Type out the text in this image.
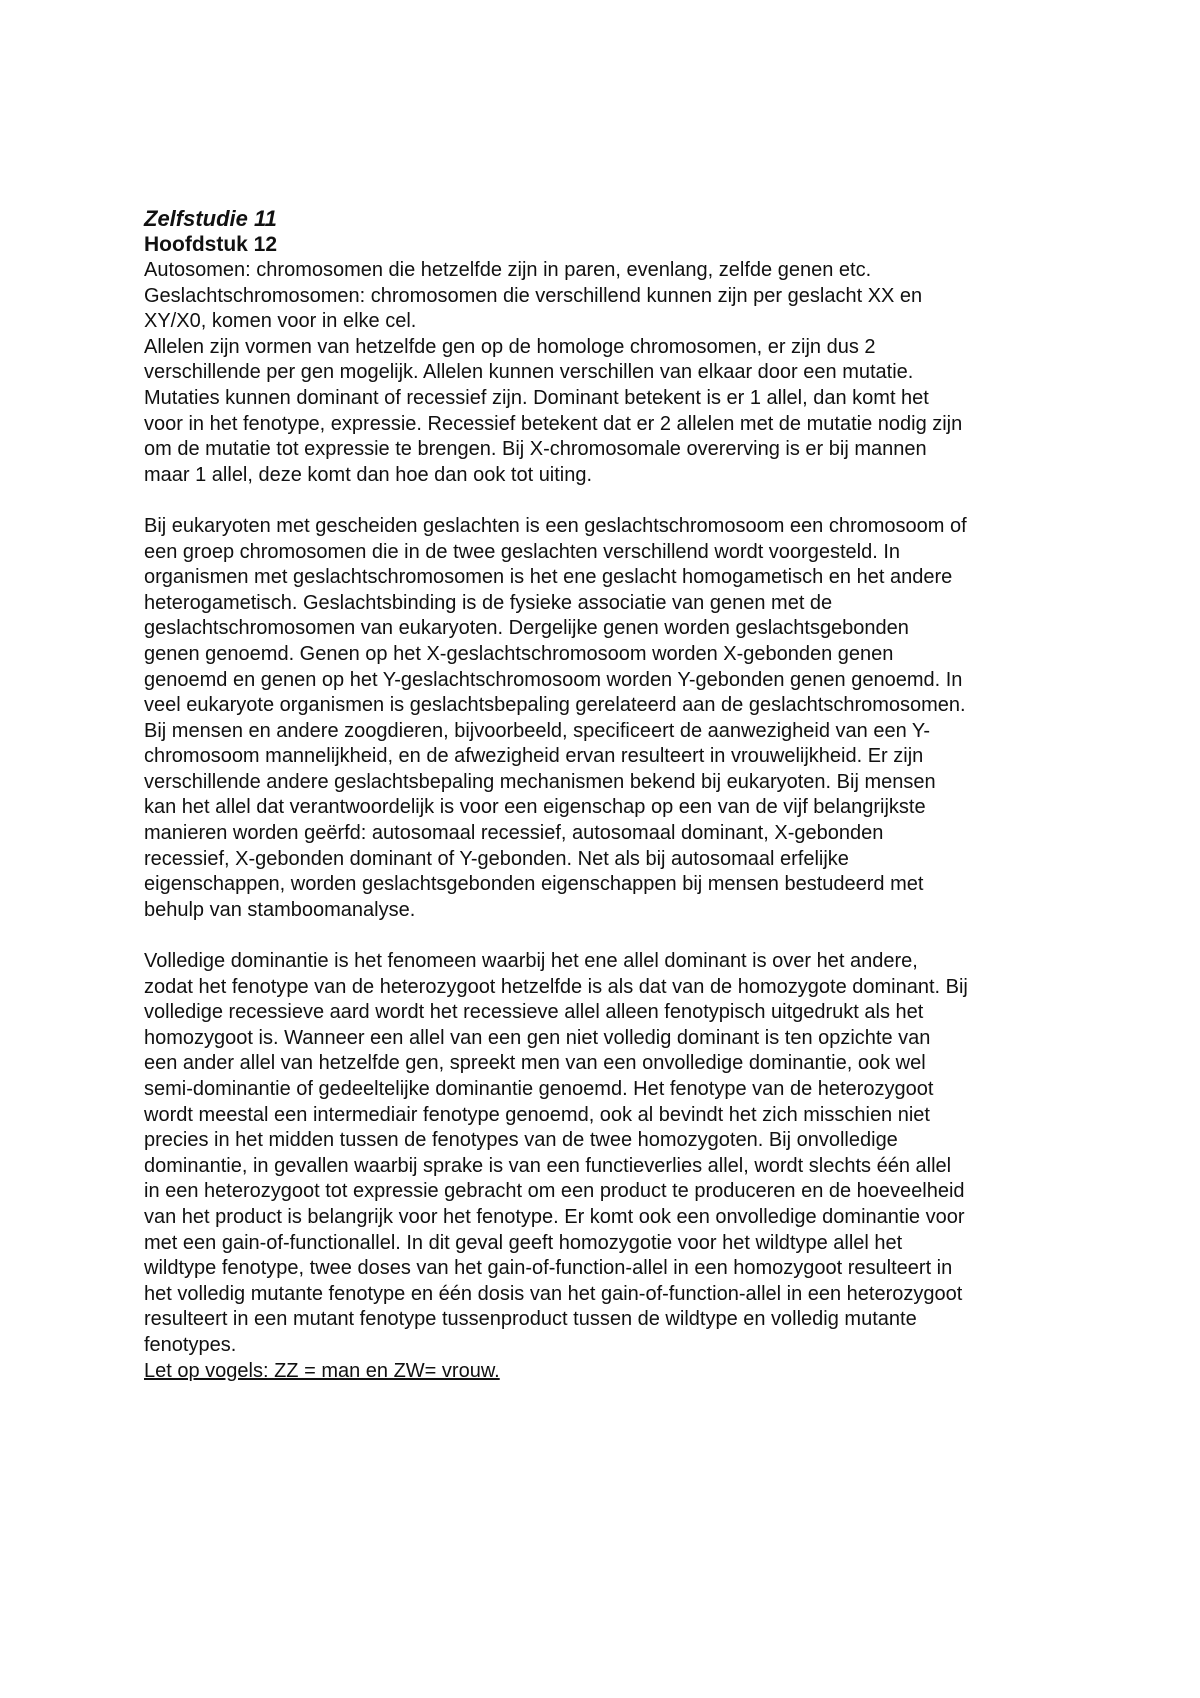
Zelfstudie 11
Hoofdstuk 12
Autosomen: chromosomen die hetzelfde zijn in paren, evenlang, zelfde genen etc.
Geslachtschromosomen: chromosomen die verschillend kunnen zijn per geslacht XX en
XY/X0, komen voor in elke cel.
Allelen zijn vormen van hetzelfde gen op de homologe chromosomen, er zijn dus 2
verschillende per gen mogelijk. Allelen kunnen verschillen van elkaar door een mutatie.
Mutaties kunnen dominant of recessief zijn. Dominant betekent is er 1 allel, dan komt het
voor in het fenotype, expressie. Recessief betekent dat er 2 allelen met de mutatie nodig zijn
om de mutatie tot expressie te brengen. Bij X-chromosomale overerving is er bij mannen
maar 1 allel, deze komt dan hoe dan ook tot uiting.
Bij eukaryoten met gescheiden geslachten is een geslachtschromosoom een chromosoom of
een groep chromosomen die in de twee geslachten verschillend wordt voorgesteld. In
organismen met geslachtschromosomen is het ene geslacht homogametisch en het andere
heterogametisch. Geslachtsbinding is de fysieke associatie van genen met de
geslachtschromosomen van eukaryoten. Dergelijke genen worden geslachtsgebonden
genen genoemd. Genen op het X-geslachtschromosoom worden X-gebonden genen
genoemd en genen op het Y-geslachtschromosoom worden Y-gebonden genen genoemd. In
veel eukaryote organismen is geslachtsbepaling gerelateerd aan de geslachtschromosomen.
Bij mensen en andere zoogdieren, bijvoorbeeld, specificeert de aanwezigheid van een Y-
chromosoom mannelijkheid, en de afwezigheid ervan resulteert in vrouwelijkheid. Er zijn
verschillende andere geslachtsbepaling mechanismen bekend bij eukaryoten. Bij mensen
kan het allel dat verantwoordelijk is voor een eigenschap op een van de vijf belangrijkste
manieren worden geërfd: autosomaal recessief, autosomaal dominant, X-gebonden
recessief, X-gebonden dominant of Y-gebonden. Net als bij autosomaal erfelijke
eigenschappen, worden geslachtsgebonden eigenschappen bij mensen bestudeerd met
behulp van stamboomanalyse.
Volledige dominantie is het fenomeen waarbij het ene allel dominant is over het andere,
zodat het fenotype van de heterozygoot hetzelfde is als dat van de homozygote dominant. Bij
volledige recessieve aard wordt het recessieve allel alleen fenotypisch uitgedrukt als het
homozygoot is. Wanneer een allel van een gen niet volledig dominant is ten opzichte van
een ander allel van hetzelfde gen, spreekt men van een onvolledige dominantie, ook wel
semi-dominantie of gedeeltelijke dominantie genoemd. Het fenotype van de heterozygoot
wordt meestal een intermediair fenotype genoemd, ook al bevindt het zich misschien niet
precies in het midden tussen de fenotypes van de twee homozygoten. Bij onvolledige
dominantie, in gevallen waarbij sprake is van een functieverlies allel, wordt slechts één allel
in een heterozygoot tot expressie gebracht om een product te produceren en de hoeveelheid
van het product is belangrijk voor het fenotype. Er komt ook een onvolledige dominantie voor
met een gain-of-functionallel. In dit geval geeft homozygotie voor het wildtype allel het
wildtype fenotype, twee doses van het gain-of-function-allel in een homozygoot resulteert in
het volledig mutante fenotype en één dosis van het gain-of-function-allel in een heterozygoot
resulteert in een mutant fenotype tussenproduct tussen de wildtype en volledig mutante
fenotypes.
Let op vogels: ZZ = man en ZW= vrouw.
